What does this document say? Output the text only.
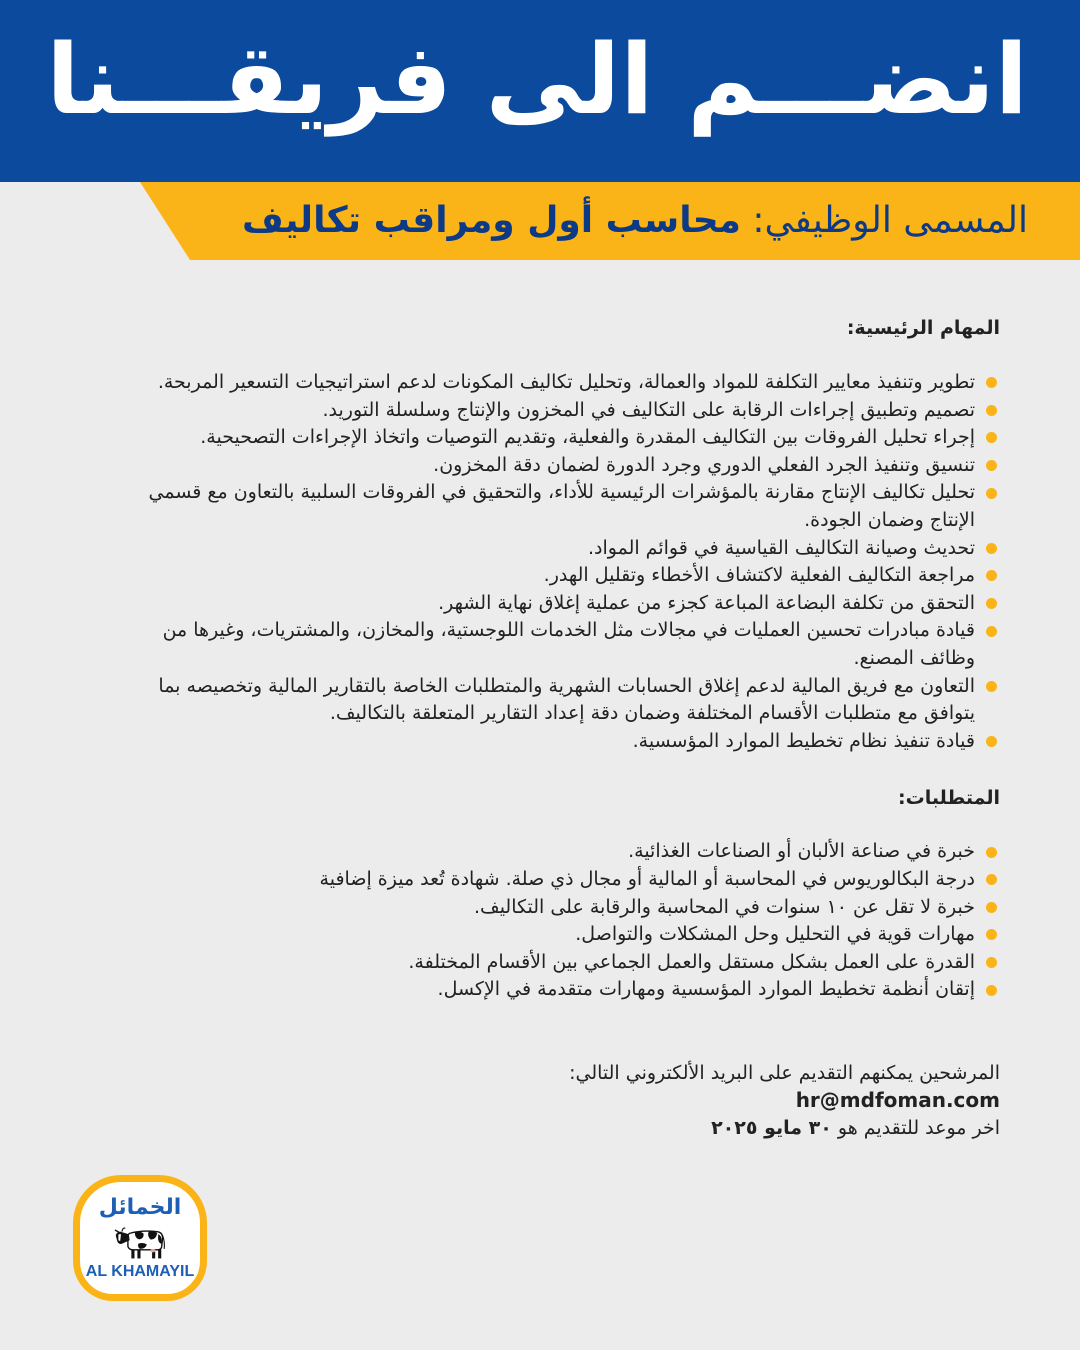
انضـــم الى فريقـــنا
المسمى الوظيفي: محاسب أول ومراقب تكاليف
المهام الرئيسية:
تطوير وتنفيذ معايير التكلفة للمواد والعمالة، وتحليل تكاليف المكونات لدعم استراتيجيات التسعير المربحة.
تصميم وتطبيق إجراءات الرقابة على التكاليف في المخزون والإنتاج وسلسلة التوريد.
إجراء تحليل الفروقات بين التكاليف المقدرة والفعلية، وتقديم التوصيات واتخاذ الإجراءات التصحيحية.
تنسيق وتنفيذ الجرد الفعلي الدوري وجرد الدورة لضمان دقة المخزون.
تحليل تكاليف الإنتاج مقارنة بالمؤشرات الرئيسية للأداء، والتحقيق في الفروقات السلبية بالتعاون مع قسمي الإنتاج وضمان الجودة.
تحديث وصيانة التكاليف القياسية في قوائم المواد.
مراجعة التكاليف الفعلية لاكتشاف الأخطاء وتقليل الهدر.
التحقق من تكلفة البضاعة المباعة كجزء من عملية إغلاق نهاية الشهر.
قيادة مبادرات تحسين العمليات في مجالات مثل الخدمات اللوجستية، والمخازن، والمشتريات، وغيرها من وظائف المصنع.
التعاون مع فريق المالية لدعم إغلاق الحسابات الشهرية والمتطلبات الخاصة بالتقارير المالية وتخصيصه بما يتوافق مع متطلبات الأقسام المختلفة وضمان دقة إعداد التقارير المتعلقة بالتكاليف.
قيادة تنفيذ نظام تخطيط الموارد المؤسسية.
المتطلبات:
خبرة في صناعة الألبان أو الصناعات الغذائية.
درجة البكالوريوس في المحاسبة أو المالية أو مجال ذي صلة. شهادة تُعد ميزة إضافية
خبرة لا تقل عن ١٠ سنوات في المحاسبة والرقابة على التكاليف.
مهارات قوية في التحليل وحل المشكلات والتواصل.
القدرة على العمل بشكل مستقل والعمل الجماعي بين الأقسام المختلفة.
إتقان أنظمة تخطيط الموارد المؤسسية ومهارات متقدمة في الإكسل.
المرشحين يمكنهم التقديم على البريد الألكتروني التالي:
hr@mdfoman.com
اخر موعد للتقديم هو ٣٠ مايو ٢٠٢٥
الخمائل
AL KHAMAYIL
